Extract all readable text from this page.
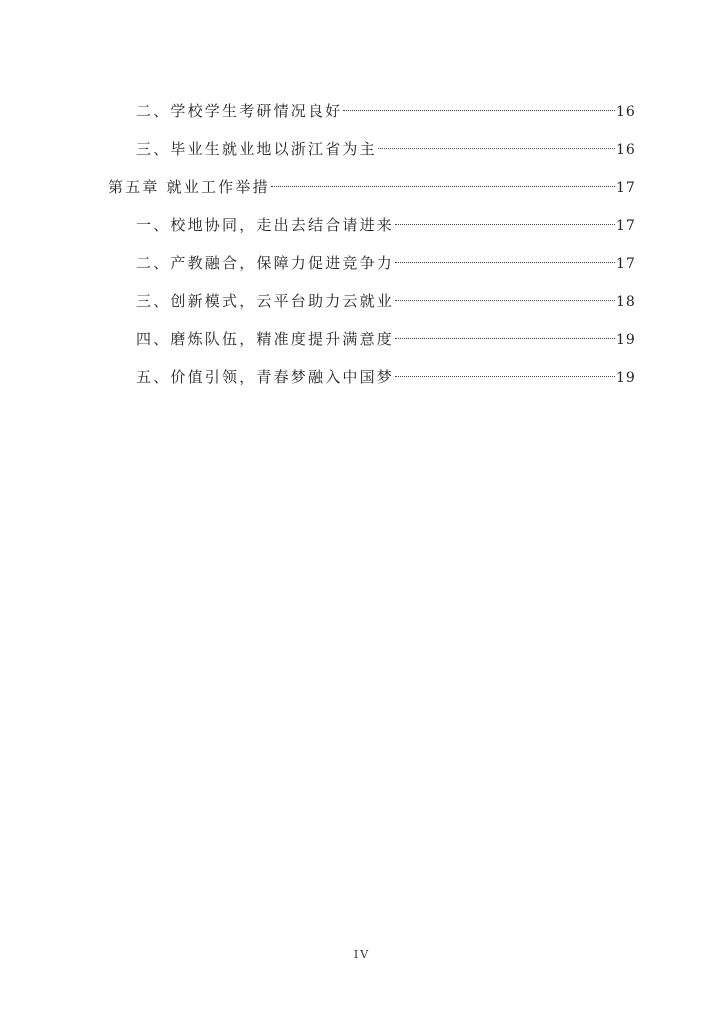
二、学校学生考研情况良好	16
三、毕业生就业地以浙江省为主	16
第五章 就业工作举措	17
一、校地协同，走出去结合请进来	17
二、产教融合，保障力促进竞争力	17
三、创新模式，云平台助力云就业	18
四、磨炼队伍，精准度提升满意度	19
五、价值引领，青春梦融入中国梦	19
IV
